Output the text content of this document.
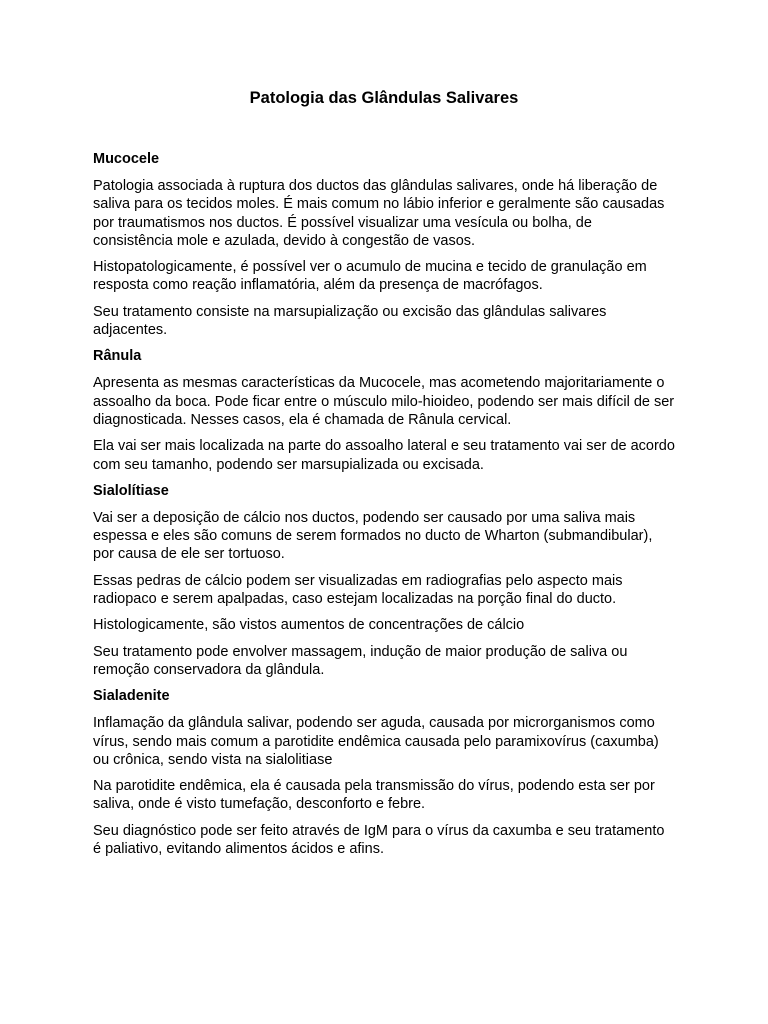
Patologia das Glândulas Salivares
Mucocele

Patologia associada à ruptura dos ductos das glândulas salivares, onde há liberação de saliva para os tecidos moles. É mais comum no lábio inferior e geralmente são causadas por traumatismos nos ductos. É possível visualizar uma vesícula ou bolha, de consistência mole e azulada, devido à congestão de vasos.

Histopatologicamente, é possível ver o acumulo de mucina e tecido de granulação em resposta como reação inflamatória, além da presença de macrófagos.

Seu tratamento consiste na marsupialização ou excisão das glândulas salivares adjacentes.

Rânula

Apresenta as mesmas características da Mucocele, mas acometendo majoritariamente o assoalho da boca. Pode ficar entre o músculo milo-hioideo, podendo ser mais difícil de ser diagnosticada. Nesses casos, ela é chamada de Rânula cervical.

Ela vai ser mais localizada na parte do assoalho lateral e seu tratamento vai ser de acordo com seu tamanho, podendo ser marsupializada ou excisada.

Sialolítiase

Vai ser a deposição de cálcio nos ductos, podendo ser causado por uma saliva mais espessa e eles são comuns de serem formados no ducto de Wharton (submandibular), por causa de ele ser tortuoso.

Essas pedras de cálcio podem ser visualizadas em radiografias pelo aspecto mais radiopaco e serem apalpadas, caso estejam localizadas na porção final do ducto.

Histologicamente, são vistos aumentos de concentrações de cálcio

Seu tratamento pode envolver massagem, indução de maior produção de saliva ou remoção conservadora da glândula.

Sialadenite

Inflamação da glândula salivar, podendo ser aguda, causada por microrganismos como vírus, sendo mais comum a parotidite endêmica causada pelo paramixovírus (caxumba) ou crônica, sendo vista na sialolitiase

Na parotidite endêmica, ela é causada pela transmissão do vírus, podendo esta ser por saliva, onde é visto tumefação, desconforto e febre.

Seu diagnóstico pode ser feito através de IgM para o vírus da caxumba e seu tratamento é paliativo, evitando alimentos ácidos e afins.
